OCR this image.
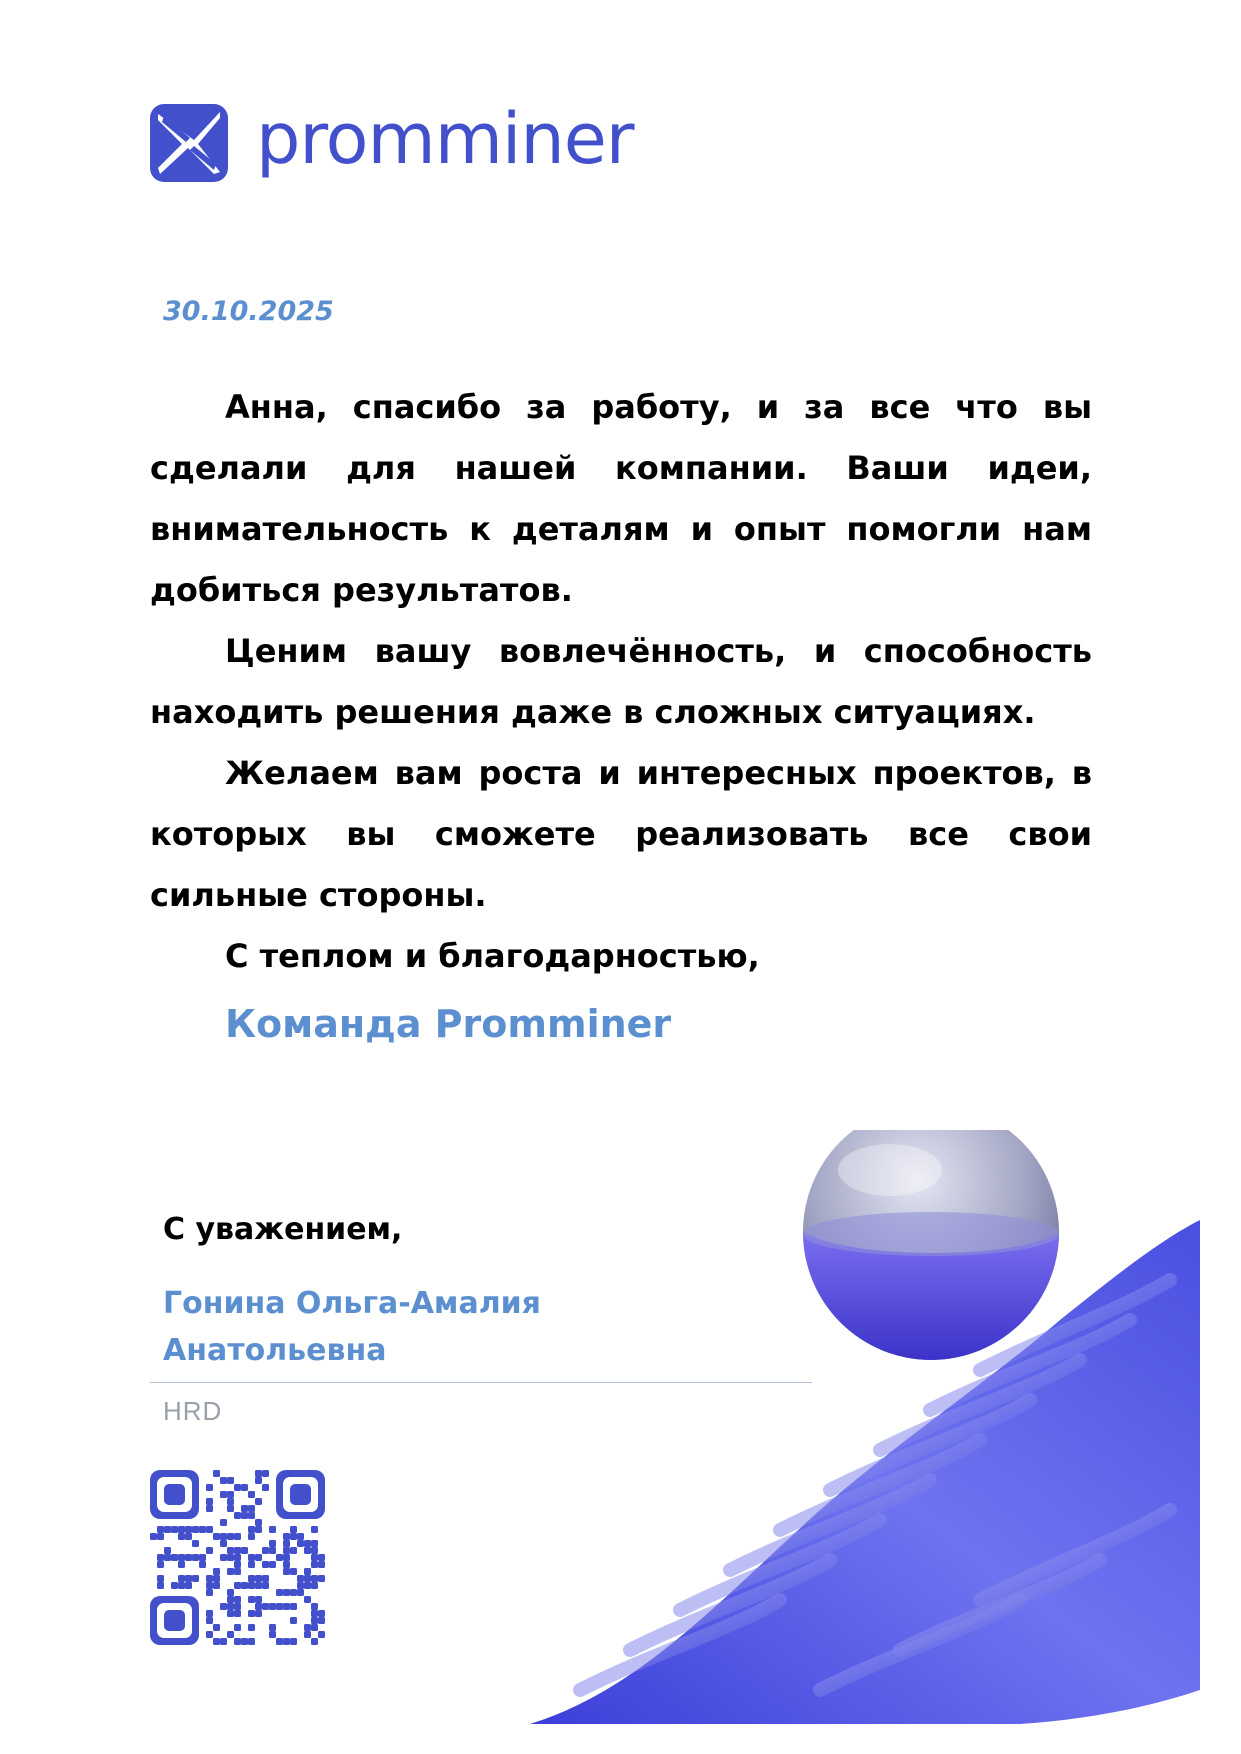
promminer
30.10.2025

Анна, спасибо за работу, и за все что вы сделали для нашей компании. Ваши идеи, внимательность к деталям и опыт помогли нам добиться результатов.

Ценим вашу вовлечённость, и способность находить решения даже в сложных ситуациях.

Желаем вам роста и интересных проектов, в которых вы сможете реализовать все свои сильные стороны.

С теплом и благодарностью,

Команда Promminer

С уважением,
Гонина Ольга-Амалия Анатольевна
HRD
